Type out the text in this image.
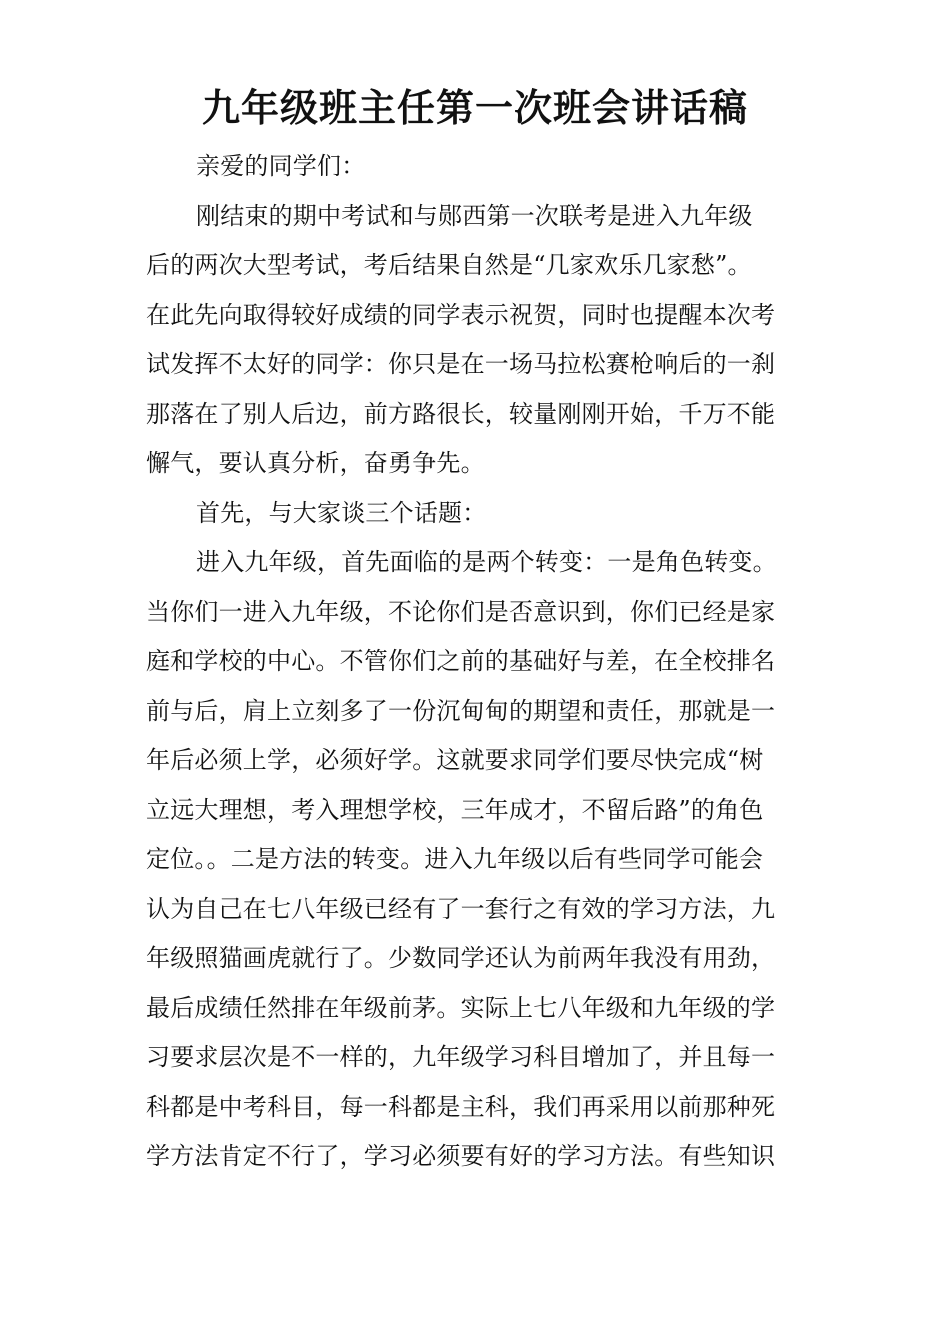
九年级班主任第一次班会讲话稿
亲爱的同学们：
刚结束的期中考试和与郧西第一次联考是进入九年级
后的两次大型考试，考后结果自然是“几家欢乐几家愁”。
在此先向取得较好成绩的同学表示祝贺，同时也提醒本次考
试发挥不太好的同学：你只是在一场马拉松赛枪响后的一刹
那落在了别人后边，前方路很长，较量刚刚开始，千万不能
懈气，要认真分析，奋勇争先。
首先，与大家谈三个话题：
进入九年级，首先面临的是两个转变：一是角色转变。
当你们一进入九年级，不论你们是否意识到，你们已经是家
庭和学校的中心。不管你们之前的基础好与差，在全校排名
前与后，肩上立刻多了一份沉甸甸的期望和责任，那就是一
年后必须上学，必须好学。这就要求同学们要尽快完成“树
立远大理想，考入理想学校，三年成才，不留后路”的角色
定位。。二是方法的转变。进入九年级以后有些同学可能会
认为自己在七八年级已经有了一套行之有效的学习方法，九
年级照猫画虎就行了。少数同学还认为前两年我没有用劲，
最后成绩任然排在年级前茅。实际上七八年级和九年级的学
习要求层次是不一样的，九年级学习科目增加了，并且每一
科都是中考科目，每一科都是主科，我们再采用以前那种死
学方法肯定不行了，学习必须要有好的学习方法。有些知识
